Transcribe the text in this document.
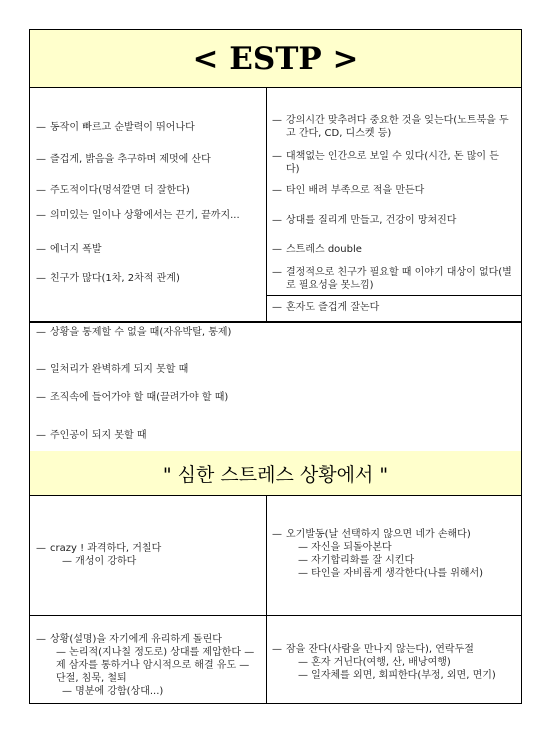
< ESTP >
— 동작이 빠르고 순발력이 뛰어나다
— 즐겁게, 밝음을 추구하며 제멋에 산다
— 주도적이다(멍석깔면 더 잘한다)
— 의미있는 일이나 상황에서는 끈기, 끝까지...
— 에너지 폭발
— 친구가 많다(1차, 2차적 관계)
— 강의시간 맞추려다 중요한 것을 잊는다(노트북을 두고 간다, CD, 디스켓 등)
— 대책없는 인간으로 보일 수 있다(시간, 돈 많이 든다)
— 타인 배려 부족으로 적을 만든다
— 상대를 질리게 만들고, 건강이 망쳐진다
— 스트레스 double
— 결정적으로 친구가 필요할 때 이야기 대상이 없다(별로 필요성을 못느낌)
— 혼자도 즐겁게 잘논다
— 상황을 통제할 수 없을 때(자유박탈, 통제)
— 일처리가 완벽하게 되지 못할 때
— 조직속에 들어가야 할 때(끌려가야 할 때)
— 주인공이 되지 못할 때
" 심한 스트레스 상황에서 "
— crazy ! 과격하다, 거칠다
— 개성이 강하다
— 오기발동(날 선택하지 않으면 네가 손해다)
— 자신을 되돌아본다
— 자기합리화를 잘 시킨다
— 타인을 자비롭게 생각한다(나를 위해서)
— 상황(설명)을 자기에게 유리하게 돌린다
— 논리적(지나칠 정도로) 상대를 제압한다 — 제 삼자를 통하거나 암시적으로 해결 유도 — 단절, 침묵, 철퇴
— 명분에 강함(상대...)
— 잠을 잔다(사람을 만나지 않는다), 연락두절
— 혼자 거닌다(여행, 산, 배낭여행)
— 일자체를 외면, 회피한다(부정, 외면, 면기)
